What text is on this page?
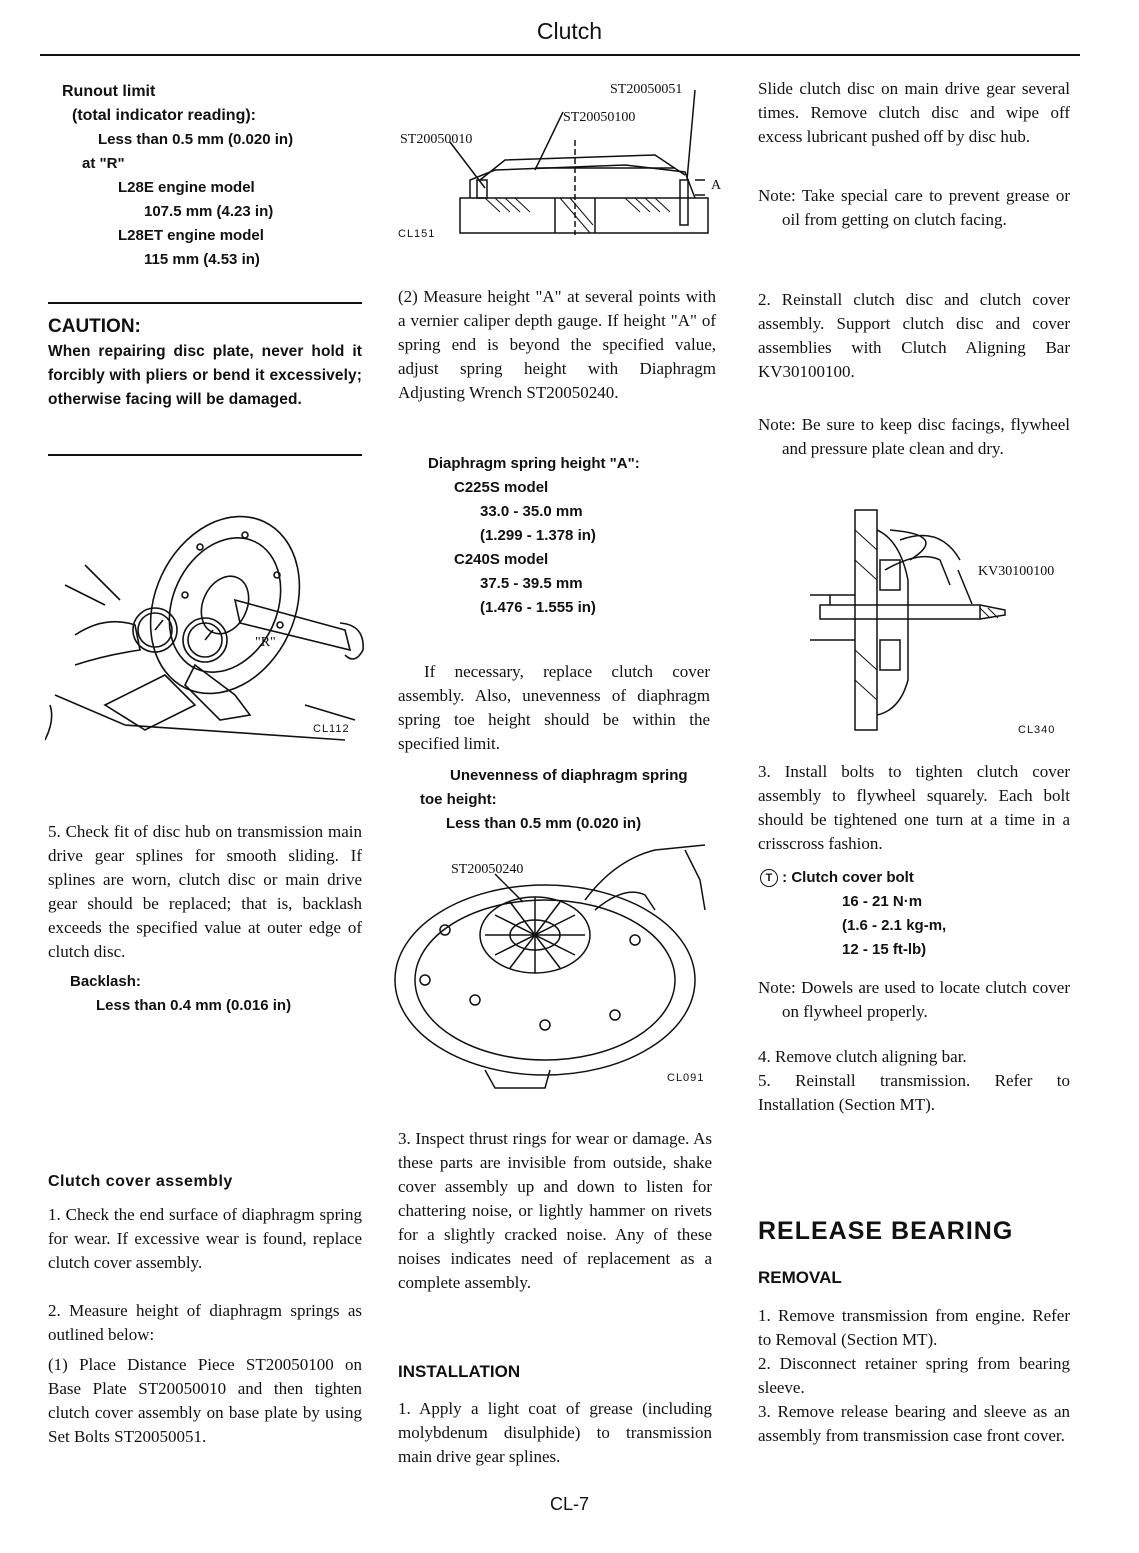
Clutch
Runout limit
(total indicator reading):
Less than 0.5 mm (0.020 in)
at "R"
L28E engine model
107.5 mm (4.23 in)
L28ET engine model
115 mm (4.53 in)
CAUTION:
When repairing disc plate, never hold it forcibly with pliers or bend it excessively; otherwise facing will be damaged.
"R"
CL112
5. Check fit of disc hub on transmission main drive gear splines for smooth sliding. If splines are worn, clutch disc or main drive gear should be replaced; that is, backlash exceeds the specified value at outer edge of clutch disc.
Backlash:
Less than 0.4 mm (0.016 in)
Clutch cover assembly
1. Check the end surface of diaphragm spring for wear. If excessive wear is found, replace clutch cover assembly.
2. Measure height of diaphragm springs as outlined below:
(1) Place Distance Piece ST20050100 on Base Plate ST20050010 and then tighten clutch cover assembly on base plate by using Set Bolts ST20050051.
ST20050051
ST20050100
ST20050010
A
CL151
(2) Measure height "A" at several points with a vernier caliper depth gauge. If height "A" of spring end is beyond the specified value, adjust spring height with Diaphragm Adjusting Wrench ST20050240.
Diaphragm spring height "A":
C225S model
33.0 - 35.0 mm
(1.299 - 1.378 in)
C240S model
37.5 - 39.5 mm
(1.476 - 1.555 in)
If necessary, replace clutch cover assembly. Also, unevenness of diaphragm spring toe height should be within the specified limit.
Unevenness of diaphragm spring
toe height:
Less than 0.5 mm (0.020 in)
ST20050240
CL091
3. Inspect thrust rings for wear or damage. As these parts are invisible from outside, shake cover assembly up and down to listen for chattering noise, or lightly hammer on rivets for a slightly cracked noise. Any of these noises indicates need of replacement as a complete assembly.
INSTALLATION
1. Apply a light coat of grease (including molybdenum disulphide) to transmission main drive gear splines.
Slide clutch disc on main drive gear several times. Remove clutch disc and wipe off excess lubricant pushed off by disc hub.
Note: Take special care to prevent grease or oil from getting on clutch facing.
2. Reinstall clutch disc and clutch cover assembly. Support clutch disc and cover assemblies with Clutch Aligning Bar KV30100100.
Note: Be sure to keep disc facings, flywheel and pressure plate clean and dry.
KV30100100
CL340
3. Install bolts to tighten clutch cover assembly to flywheel squarely. Each bolt should be tightened one turn at a time in a crisscross fashion.
T : Clutch cover bolt
16 - 21 N·m
(1.6 - 2.1 kg-m,
12 - 15 ft-lb)
Note: Dowels are used to locate clutch cover on flywheel properly.
4. Remove clutch aligning bar.
5. Reinstall transmission. Refer to Installation (Section MT).
RELEASE BEARING
REMOVAL
1. Remove transmission from engine. Refer to Removal (Section MT).
2. Disconnect retainer spring from bearing sleeve.
3. Remove release bearing and sleeve as an assembly from transmission case front cover.
CL-7
